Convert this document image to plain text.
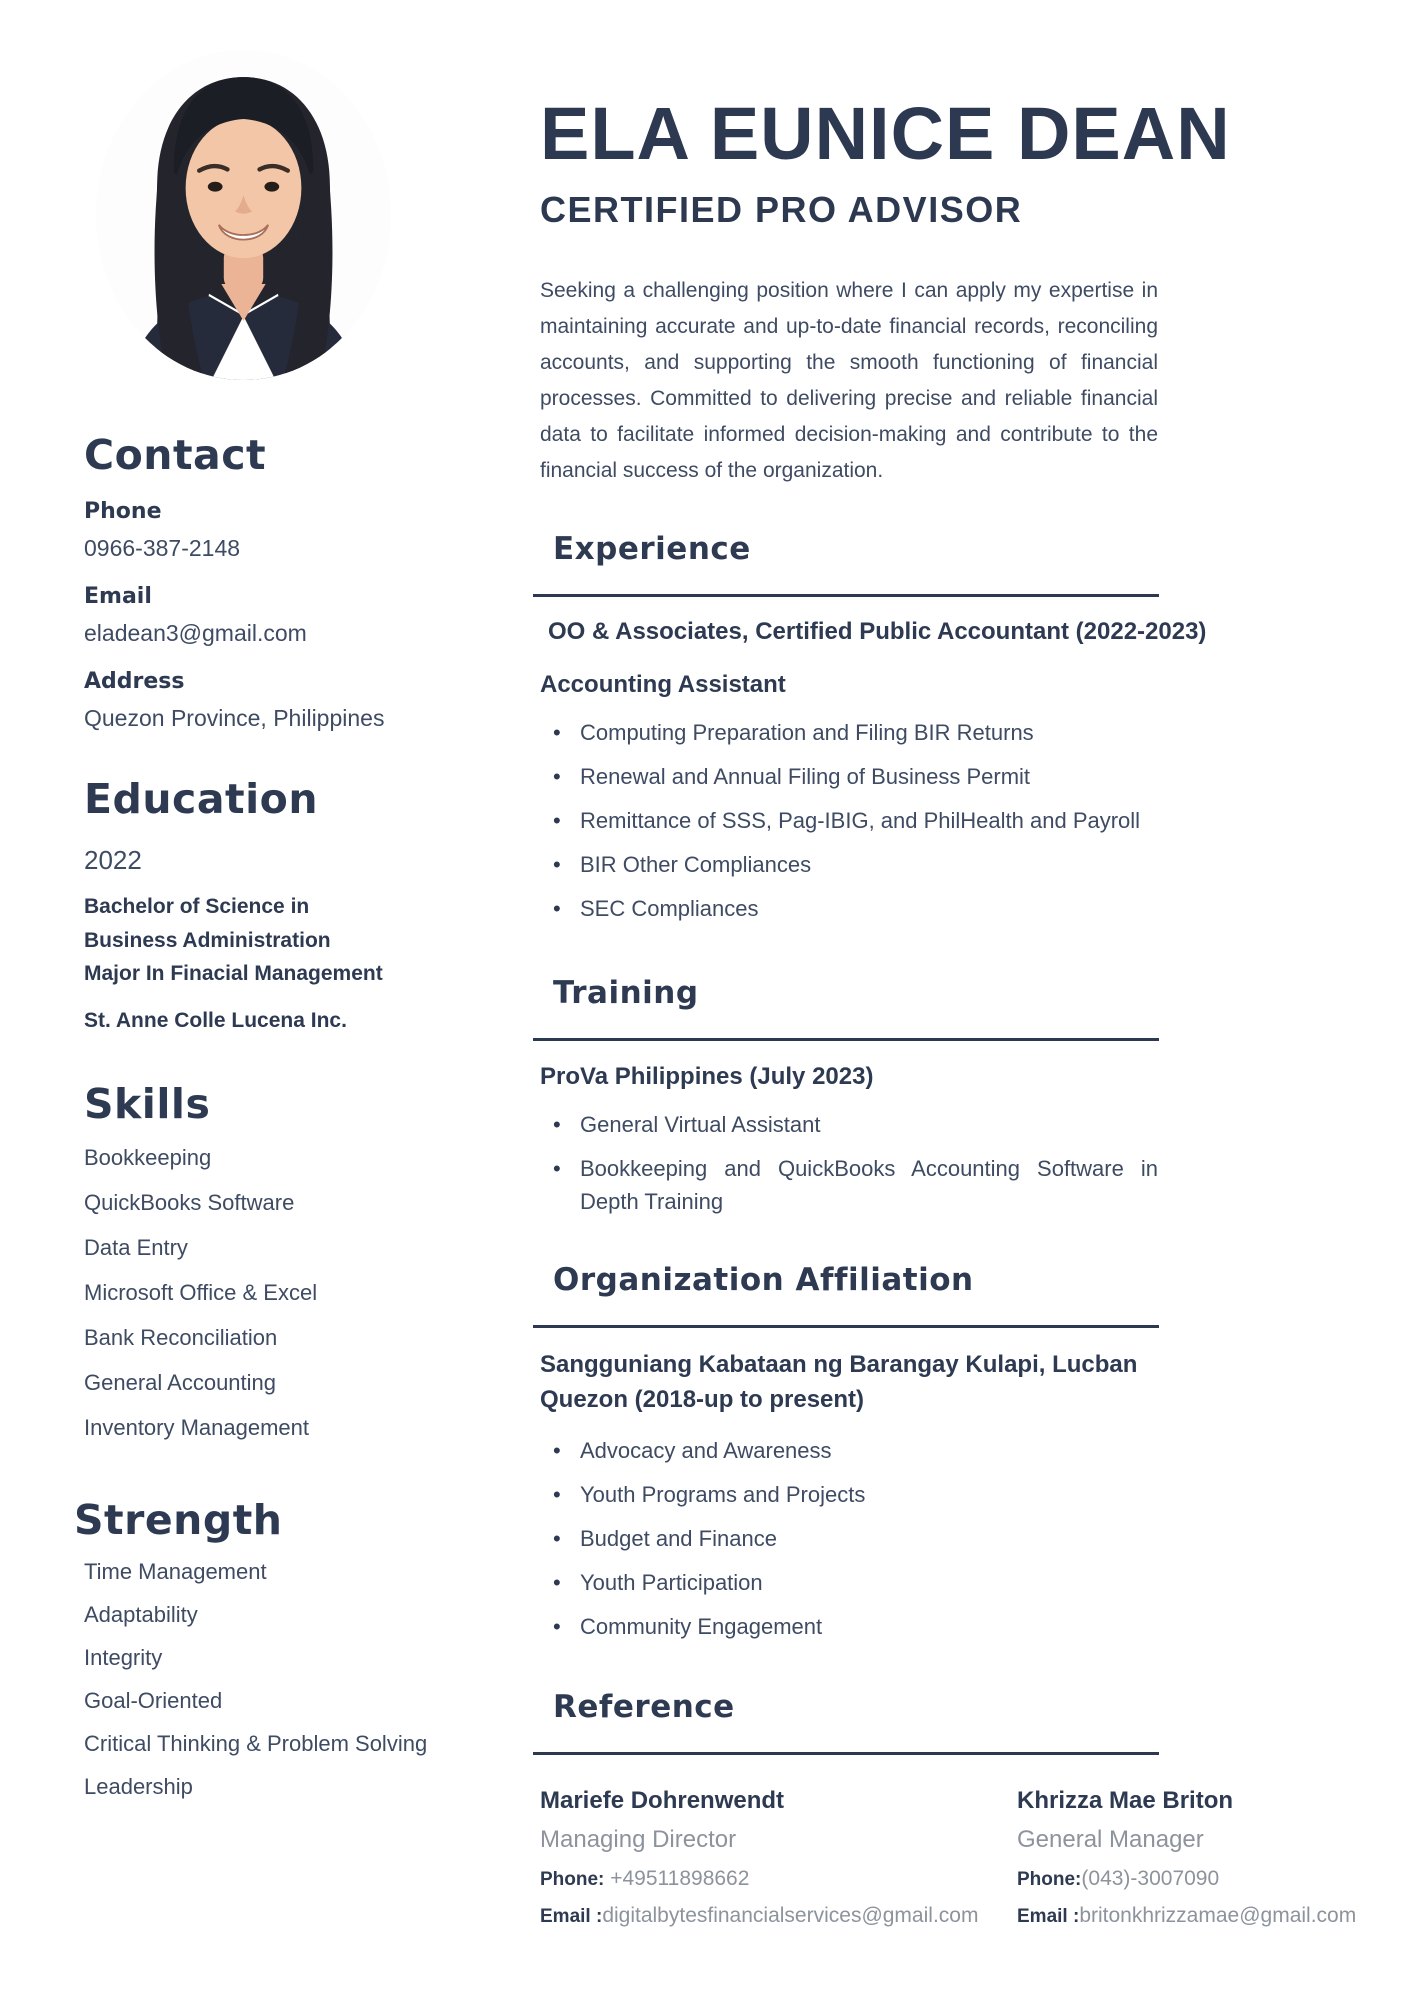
Contact
Phone
0966-387-2148
Email
eladean3@gmail.com
Address
Quezon Province, Philippines
Education
2022
Bachelor of Science in Business Administration Major In Finacial Management
St. Anne Colle Lucena Inc.
Skills
Bookkeeping
QuickBooks Software
Data Entry
Microsoft Office & Excel
Bank Reconciliation
General Accounting
Inventory Management
Strength
Time Management
Adaptability
Integrity
Goal-Oriented
Critical Thinking & Problem Solving
Leadership
ELA EUNICE DEAN
CERTIFIED PRO ADVISOR
Seeking a challenging position where I can apply my expertise in maintaining accurate and up-to-date financial records, reconciling accounts, and supporting the smooth functioning of financial processes. Committed to delivering precise and reliable financial data to facilitate informed decision-making and contribute to the financial success of the organization.
Experience
OO & Associates, Certified Public Accountant (2022-2023)
Accounting Assistant
• Computing Preparation and Filing BIR Returns
• Renewal and Annual Filing of Business Permit
• Remittance of SSS, Pag-IBIG, and PhilHealth and Payroll
• BIR Other Compliances
• SEC Compliances
Training
ProVa Philippines (July 2023)
• General Virtual Assistant
• Bookkeeping and QuickBooks Accounting Software in Depth Training
Organization Affiliation
Sangguniang Kabataan ng Barangay Kulapi, Lucban Quezon (2018-up to present)
• Advocacy and Awareness
• Youth Programs and Projects
• Budget and Finance
• Youth Participation
• Community Engagement
Reference
Mariefe Dohrenwendt
Managing Director
Phone: +49511898662
Email :digitalbytesfinancialservices@gmail.com
Khrizza Mae Briton
General Manager
Phone:(043)-3007090
Email :britonkhrizzamae@gmail.com
